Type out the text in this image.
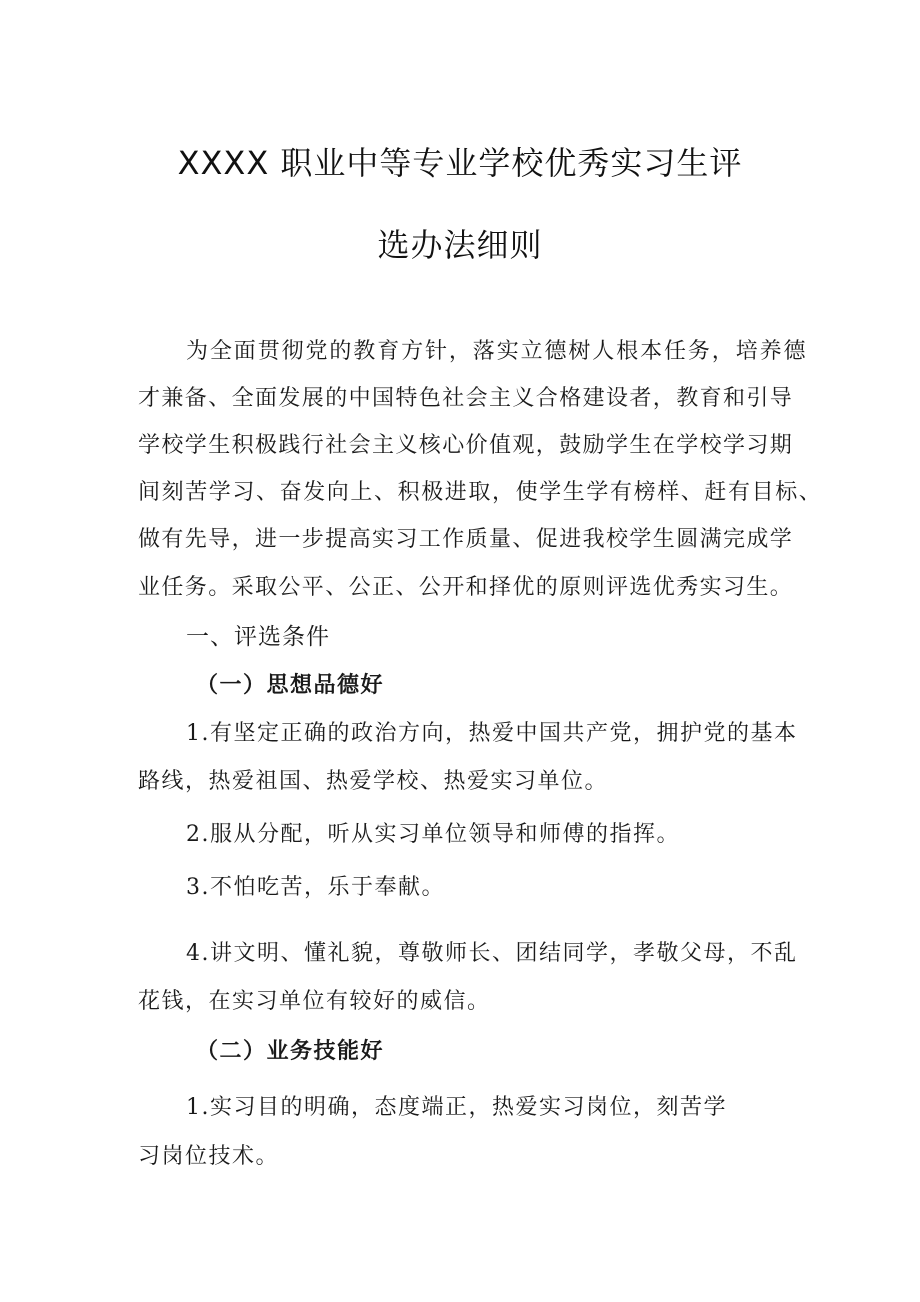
XXXX 职业中等专业学校优秀实习生评
选办法细则
为全面贯彻党的教育方针，落实立德树人根本任务，培养德
才兼备、全面发展的中国特色社会主义合格建设者，教育和引导
学校学生积极践行社会主义核心价值观，鼓励学生在学校学习期
间刻苦学习、奋发向上、积极进取，使学生学有榜样、赶有目标、
做有先导，进一步提高实习工作质量、促进我校学生圆满完成学
业任务。采取公平、公正、公开和择优的原则评选优秀实习生。
一、评选条件
（一）思想品德好
1.有坚定正确的政治方向，热爱中国共产党，拥护党的基本
路线，热爱祖国、热爱学校、热爱实习单位。
2.服从分配，听从实习单位领导和师傅的指挥。
3.不怕吃苦，乐于奉献。
4.讲文明、懂礼貌，尊敬师长、团结同学，孝敬父母，不乱
花钱，在实习单位有较好的威信。
（二）业务技能好
1.实习目的明确，态度端正，热爱实习岗位，刻苦学
习岗位技术。
